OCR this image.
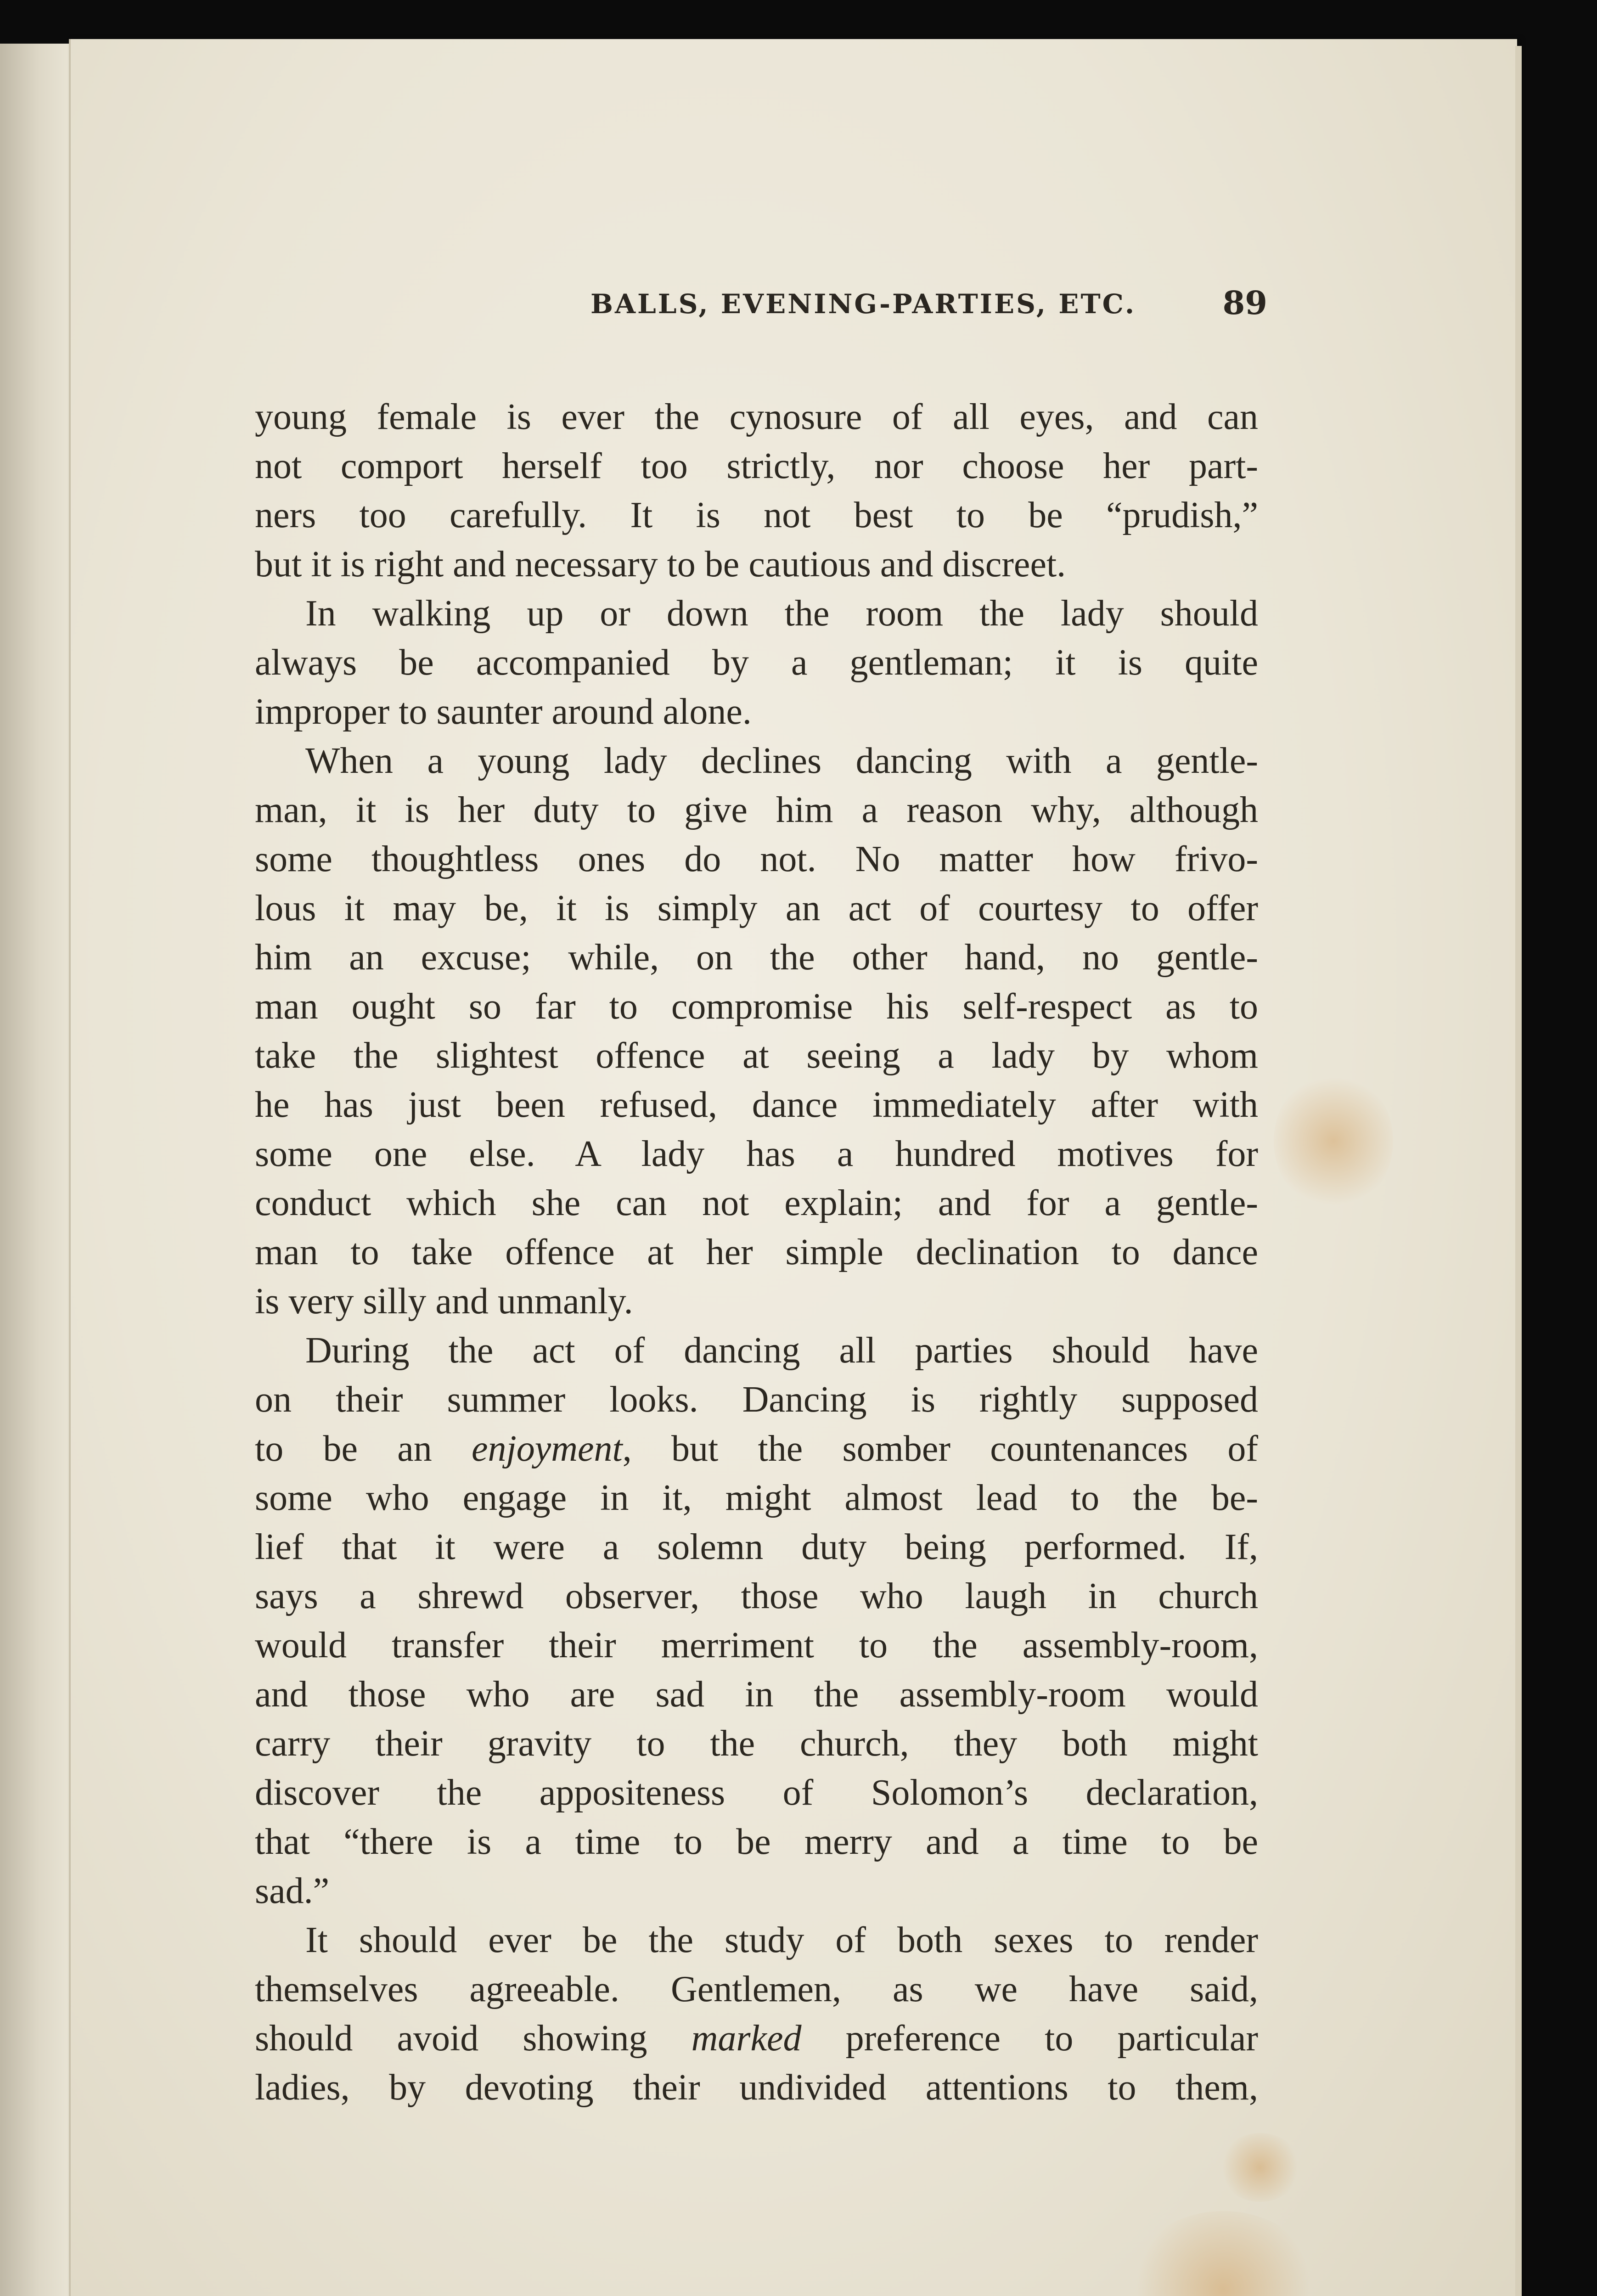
BALLS, EVENING-PARTIES, ETC.	89
young female is ever the cynosure of all eyes, and can
not comport herself too strictly, nor choose her part-
ners too carefully. It is not best to be “prudish,”
but it is right and necessary to be cautious and discreet.
In walking up or down the room the lady should
always be accompanied by a gentleman; it is quite
improper to saunter around alone.
When a young lady declines dancing with a gentle-
man, it is her duty to give him a reason why, although
some thoughtless ones do not. No matter how frivo-
lous it may be, it is simply an act of courtesy to offer
him an excuse; while, on the other hand, no gentle-
man ought so far to compromise his self-respect as to
take the slightest offence at seeing a lady by whom
he has just been refused, dance immediately after with
some one else. A lady has a hundred motives for
conduct which she can not explain; and for a gentle-
man to take offence at her simple declination to dance
is very silly and unmanly.
During the act of dancing all parties should have
on their summer looks. Dancing is rightly supposed
to be an enjoyment, but the somber countenances of
some who engage in it, might almost lead to the be-
lief that it were a solemn duty being performed. If,
says a shrewd observer, those who laugh in church
would transfer their merriment to the assembly-room,
and those who are sad in the assembly-room would
carry their gravity to the church, they both might
discover the appositeness of Solomon’s declaration,
that “there is a time to be merry and a time to be
sad.”
It should ever be the study of both sexes to render
themselves agreeable. Gentlemen, as we have said,
should avoid showing marked preference to particular
ladies, by devoting their undivided attentions to them,
